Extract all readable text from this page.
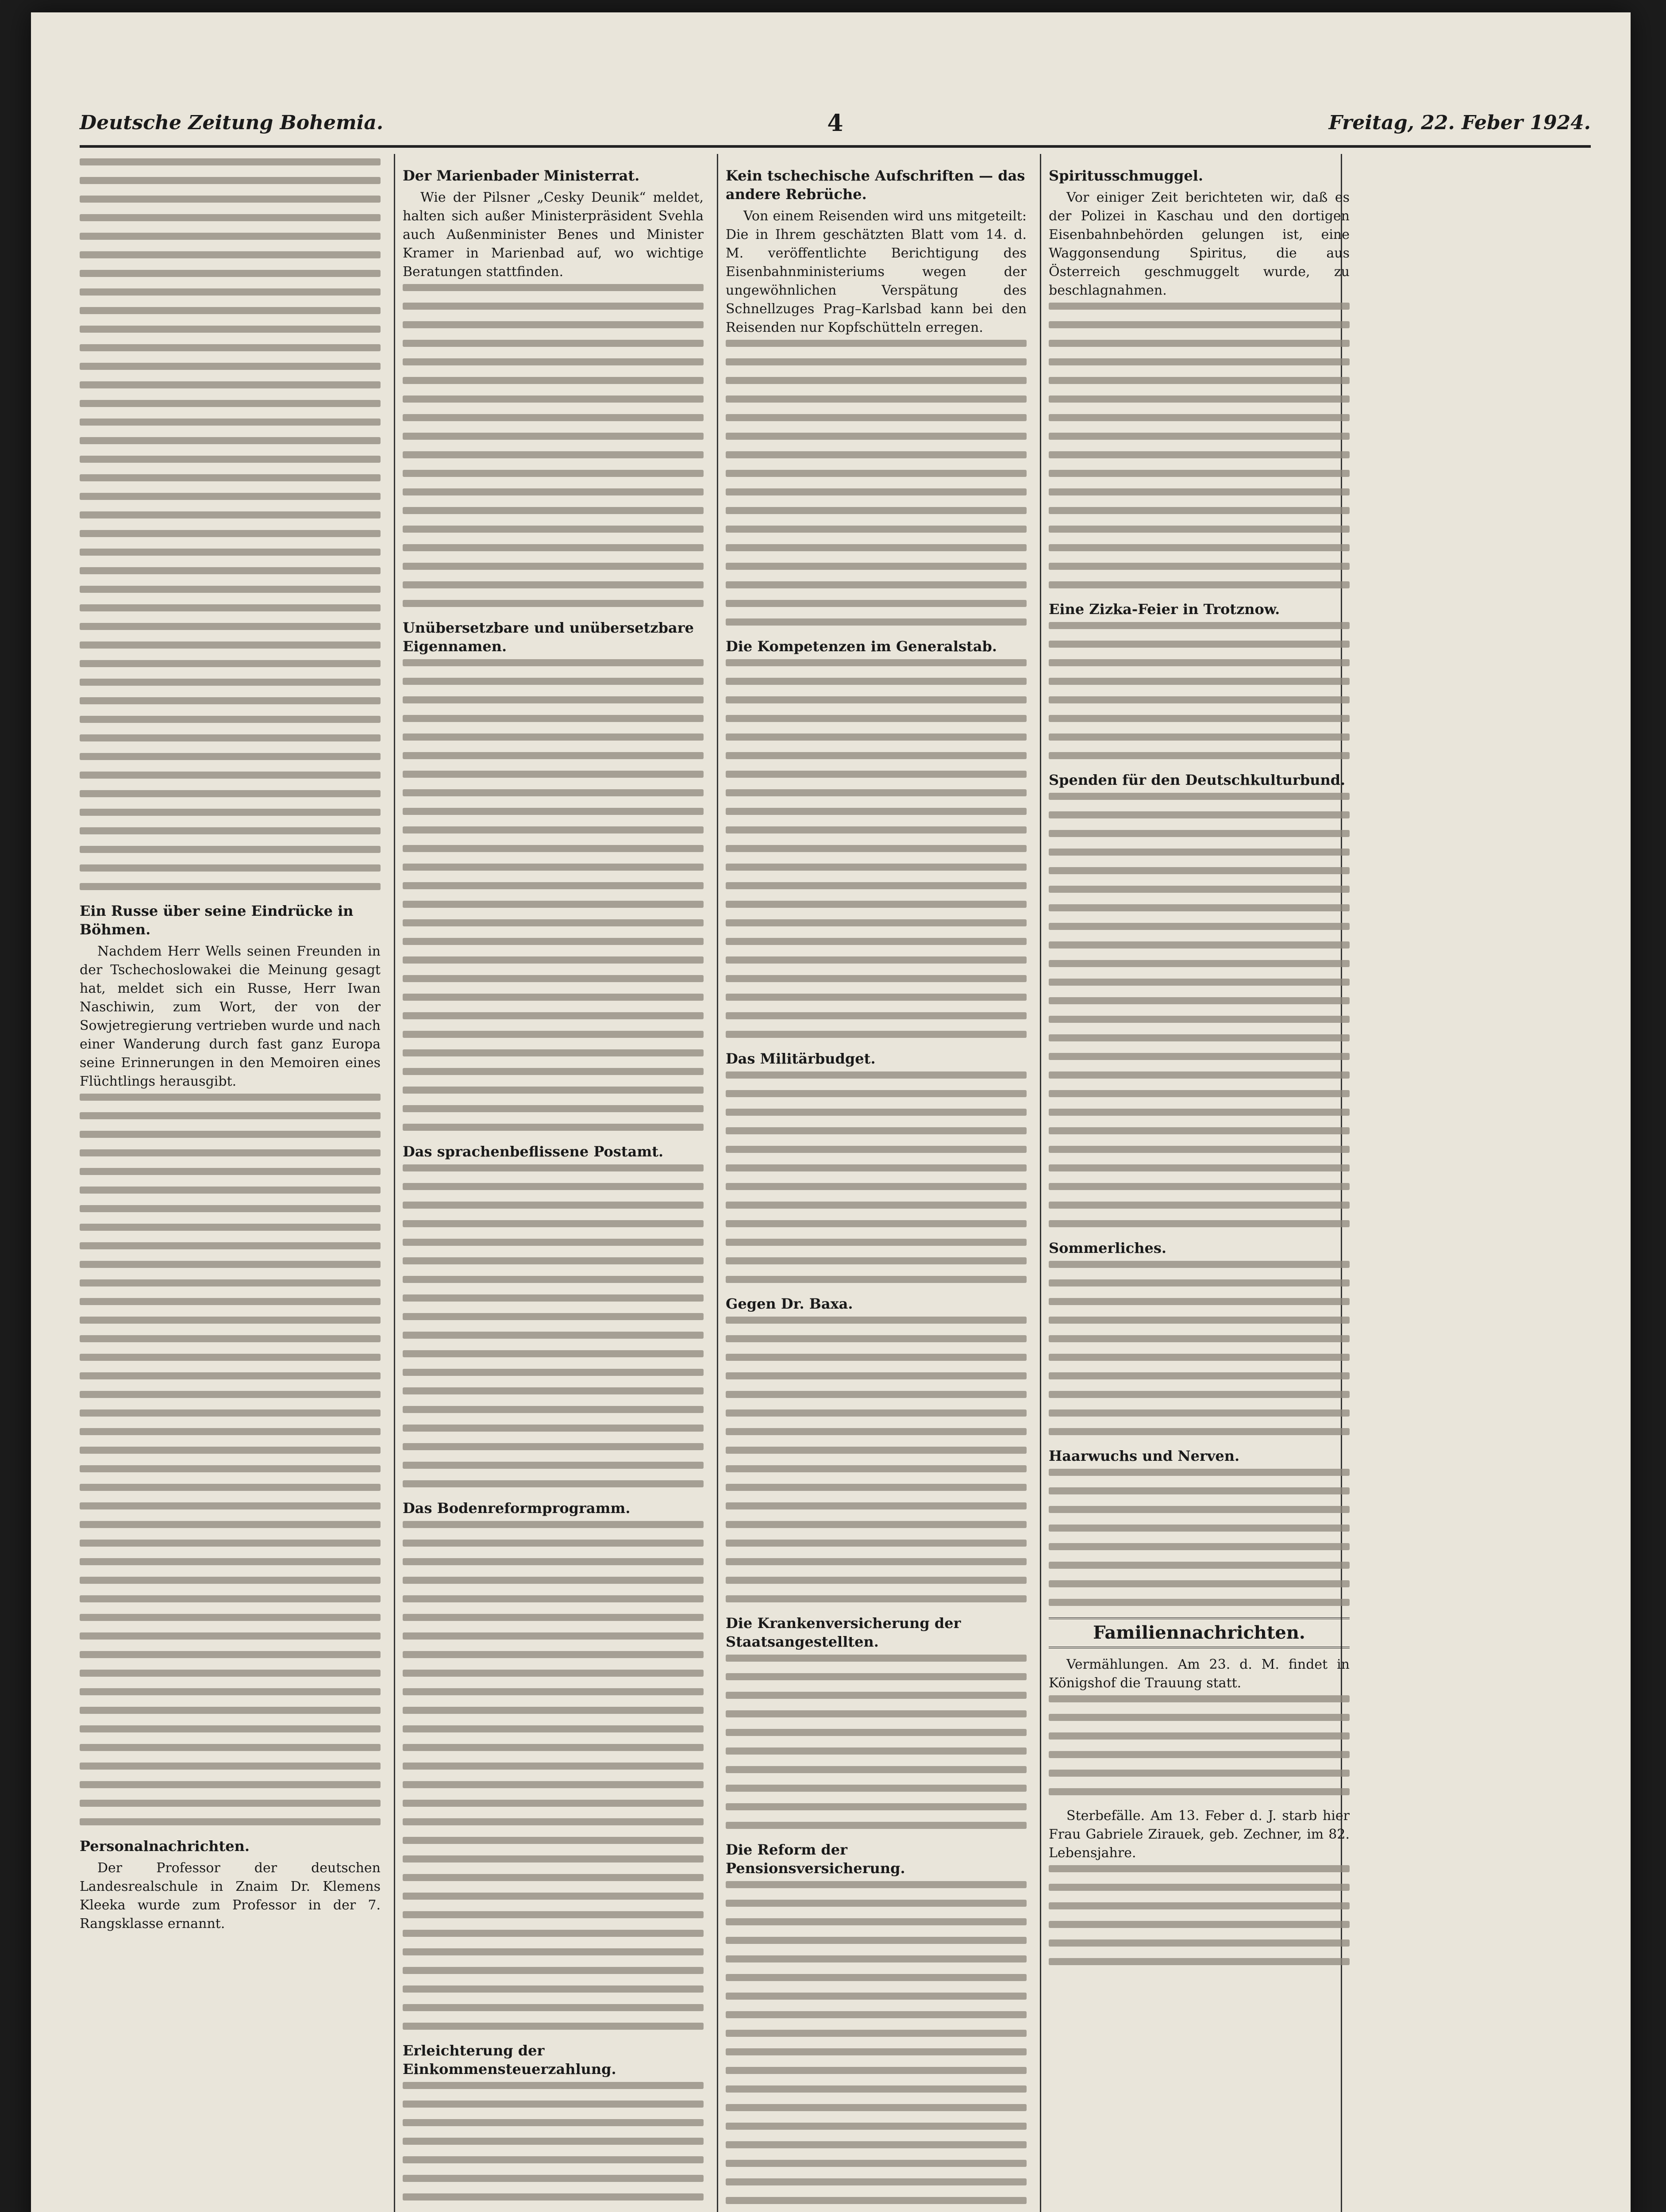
Deutsche Zeitung Bohemia.	4	Freitag, 22. Feber 1924.
Ein Russe über seine Eindrücke in Böhmen.

Nachdem Herr Wells seinen Freunden in der Tschechoslowakei die Meinung gesagt hat, meldet sich ein Russe, Herr Iwan Naschiwin, zum Wort, der von der Sowjetregierung vertrieben wurde und nach einer Wanderung durch fast ganz Europa seine Erinnerungen in den Memoiren eines Flüchtlings herausgibt.

Personalnachrichten.

Der Professor der deutschen Landesrealschule in Znaim Dr. Klemens Kleeka wurde zum Professor in der 7. Rangsklasse ernannt.

Der Marienbader Ministerrat.

Wie der Pilsner „Cesky Deunik“ meldet, halten sich außer Ministerpräsident Svehla auch Außenminister Benes und Minister Kramer in Marienbad auf, wo wichtige Beratungen stattfinden.

Unübersetzbare und unübersetzbare Eigennamen.
Das sprachenbeflissene Postamt.
Das Bodenreformprogramm.
Erleichterung der Einkommensteuerzahlung.
Kein tschechische Aufschriften — das andere Rebrüche.

Von einem Reisenden wird uns mitgeteilt: Die in Ihrem geschätzten Blatt vom 14. d. M. veröffentlichte Berichtigung des Eisenbahnministeriums wegen der ungewöhnlichen Verspätung des Schnellzuges Prag–Karlsbad kann bei den Reisenden nur Kopfschütteln erregen.

Die Kompetenzen im Generalstab.
Das Militärbudget.
Gegen Dr. Baxa.
Die Krankenversicherung der Staatsangestellten.
Die Reform der Pensionsversicherung.
Spiritusschmuggel.

Vor einiger Zeit berichteten wir, daß es der Polizei in Kaschau und den dortigen Eisenbahnbehörden gelungen ist, eine Waggonsendung Spiritus, die aus Österreich geschmuggelt wurde, zu beschlagnahmen.

Eine Zizka-Feier in Trotznow.
Spenden für den Deutschkulturbund.
Sommerliches.
Haarwuchs und Nerven.
Familiennachrichten.

Vermählungen. Am 23. d. M. findet in Königshof die Trauung statt.

Sterbefälle. Am 13. Feber d. J. starb hier Frau Gabriele Zirauek, geb. Zechner, im 82. Lebensjahre.
